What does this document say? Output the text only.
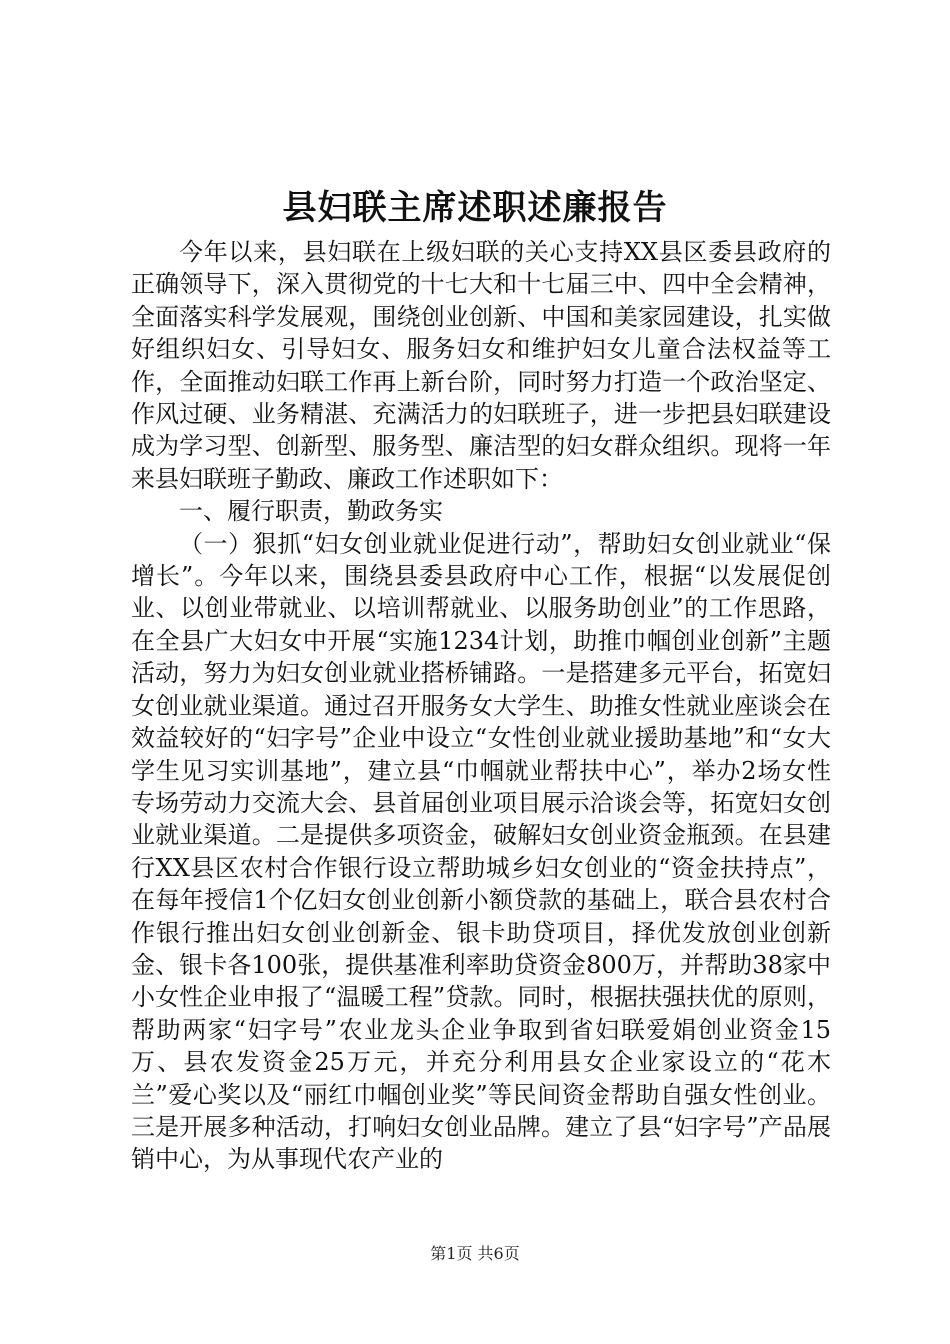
县妇联主席述职述廉报告

今年以来，县妇联在上级妇联的关心支持XX县区委县政府的正确领导下，深入贯彻党的十七大和十七届三中、四中全会精神，全面落实科学发展观，围绕创业创新、中国和美家园建设，扎实做好组织妇女、引导妇女、服务妇女和维护妇女儿童合法权益等工作，全面推动妇联工作再上新台阶，同时努力打造一个政治坚定、作风过硬、业务精湛、充满活力的妇联班子，进一步把县妇联建设成为学习型、创新型、服务型、廉洁型的妇女群众组织。现将一年来县妇联班子勤政、廉政工作述职如下：

一、履行职责，勤政务实

（一）狠抓“妇女创业就业促进行动”，帮助妇女创业就业“保增长”。今年以来，围绕县委县政府中心工作，根据“以发展促创业、以创业带就业、以培训帮就业、以服务助创业”的工作思路，在全县广大妇女中开展“实施1234计划，助推巾帼创业创新”主题活动，努力为妇女创业就业搭桥铺路。一是搭建多元平台，拓宽妇女创业就业渠道。通过召开服务女大学生、助推女性就业座谈会在效益较好的“妇字号”企业中设立“女性创业就业援助基地”和“女大学生见习实训基地”，建立县“巾帼就业帮扶中心”，举办2场女性专场劳动力交流大会、县首届创业项目展示洽谈会等，拓宽妇女创业就业渠道。二是提供多项资金，破解妇女创业资金瓶颈。在县建行XX县区农村合作银行设立帮助城乡妇女创业的“资金扶持点”，在每年授信1个亿妇女创业创新小额贷款的基础上，联合县农村合作银行推出妇女创业创新金、银卡助贷项目，择优发放创业创新金、银卡各100张，提供基准利率助贷资金800万，并帮助38家中小女性企业申报了“温暖工程”贷款。同时，根据扶强扶优的原则，帮助两家“妇字号”农业龙头企业争取到省妇联爱娟创业资金15万、县农发资金25万元，并充分利用县女企业家设立的“花木兰”爱心奖以及“丽红巾帼创业奖”等民间资金帮助自强女性创业。三是开展多种活动，打响妇女创业品牌。建立了县“妇字号”产品展销中心，为从事现代农产业的

第1页 共6页
